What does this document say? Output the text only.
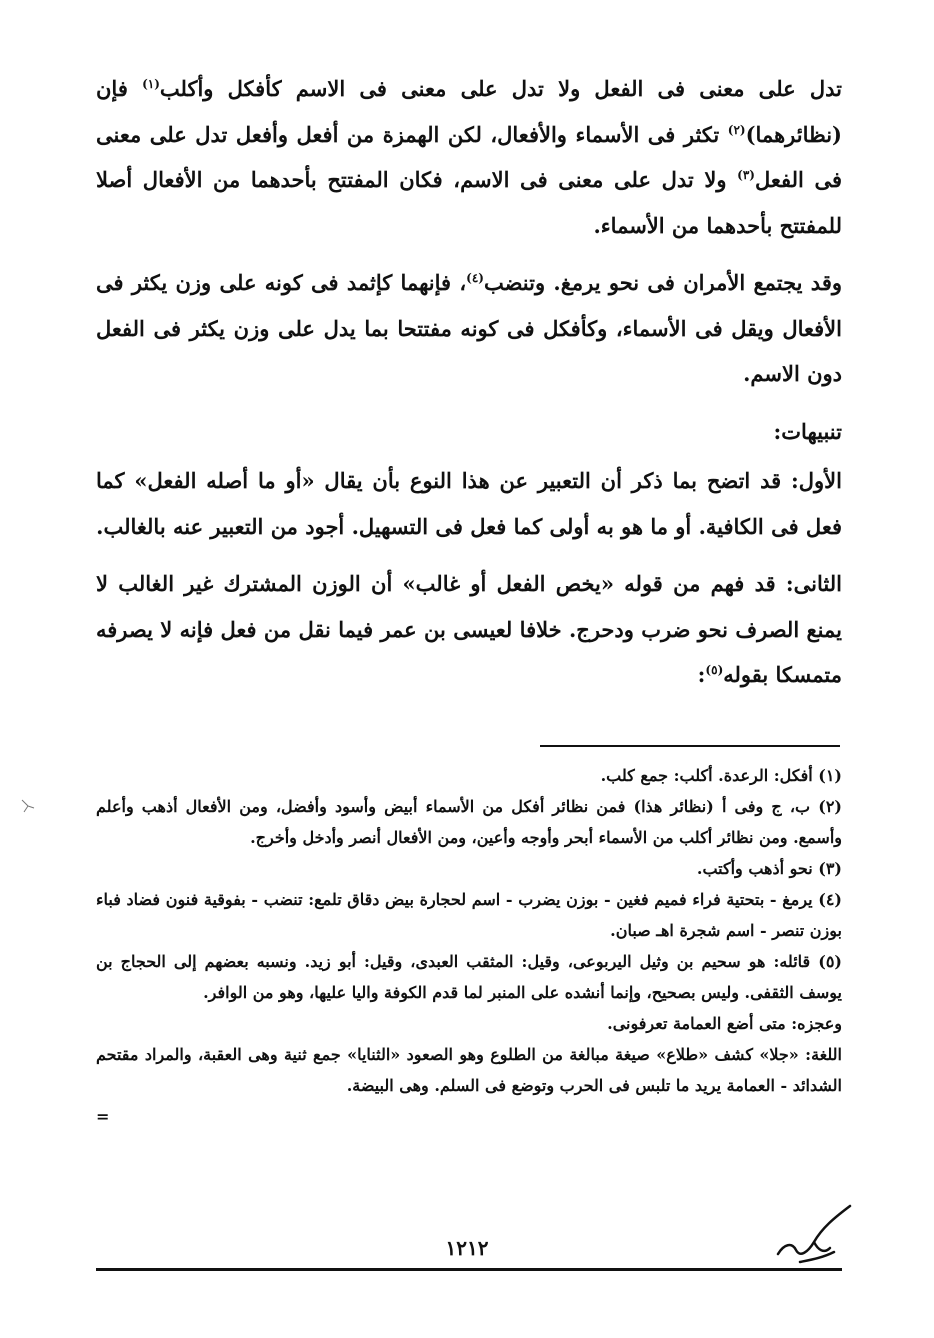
تدل على معنى فى الفعل ولا تدل على معنى فى الاسم كأفكل وأكلب$^{(١)}$ فإن (نظائرهما)$^{(٢)}$ تكثر فى الأسماء والأفعال، لكن الهمزة من أفعل وأفعل تدل على معنى فى الفعل$^{(٣)}$ ولا تدل على معنى فى الاسم، فكان المفتتح بأحدهما من الأفعال أصلا للمفتتح بأحدهما من الأسماء.

وقد يجتمع الأمران فى نحو يرمغ. وتنضب$^{(٤)}$، فإنهما كإثمد فى كونه على وزن يكثر فى الأفعال ويقل فى الأسماء، وكأفكل فى كونه مفتتحا بما يدل على وزن يكثر فى الفعل دون الاسم.

تنبيهات:

الأول: قد اتضح بما ذكر أن التعبير عن هذا النوع بأن يقال «أو ما أصله الفعل» كما فعل فى الكافية. أو ما هو به أولى كما فعل فى التسهيل. أجود من التعبير عنه بالغالب.

الثانى: قد فهم من قوله «يخص الفعل أو غالب» أن الوزن المشترك غير الغالب لا يمنع الصرف نحو ضرب ودحرج. خلافا لعيسى بن عمر فيما نقل من فعل فإنه لا يصرفه متمسكا بقوله$^{(٥)}$:

(١) أفكل: الرعدة. أكلب: جمع كلب.

(٢) ب، ج وفى أ (نظائر هذا) فمن نظائر أفكل من الأسماء أبيض وأسود وأفضل، ومن الأفعال أذهب وأعلم وأسمع. ومن نظائر أكلب من الأسماء أبحر وأوجه وأعين، ومن الأفعال أنصر وأدخل وأخرج.

(٣) نحو أذهب وأكتب.

(٤) يرمغ - بتحتية فراء فميم فغين - بوزن يضرب - اسم لحجارة بيض دقاق تلمع: تنضب - بفوقية فنون فضاد فباء بوزن تنصر - اسم شجرة اهـ صبان.

(٥) قائله: هو سحيم بن وثيل اليربوعى، وقيل: المثقب العبدى، وقيل: أبو زيد. ونسبه بعضهم إلى الحجاج بن يوسف الثقفى. وليس بصحيح، وإنما أنشده على المنبر لما قدم الكوفة واليا عليها، وهو من الوافر.

وعجزه: متى أضع العمامة تعرفونى.

اللغة: «جلا» كشف «طلاع» صيغة مبالغة من الطلوع وهو الصعود «الثنايا» جمع ثنية وهى العقبة، والمراد مقتحم الشدائد - العمامة يريد ما تلبس فى الحرب وتوضع فى السلم. وهى البيضة.

=

١٢١٢
